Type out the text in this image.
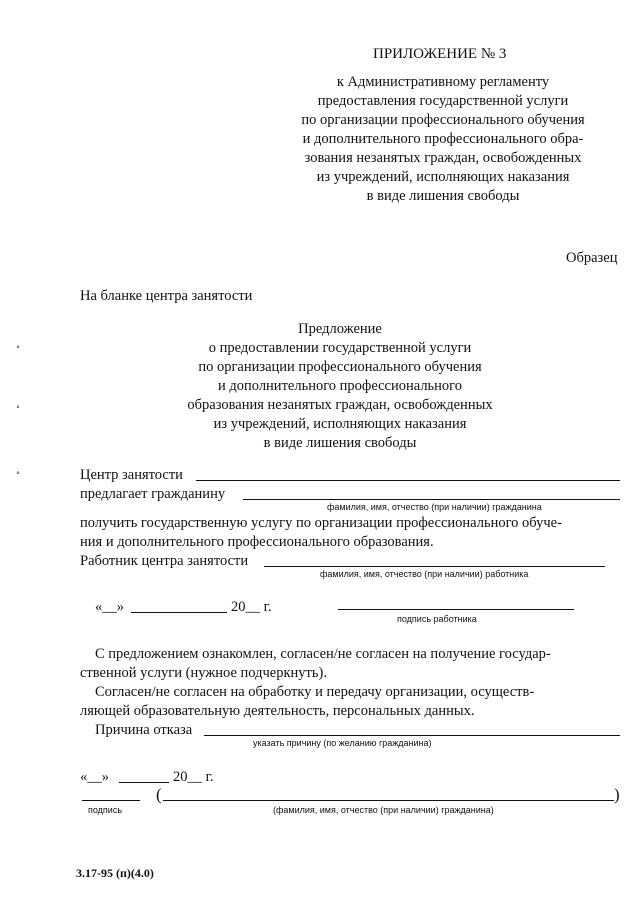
ПРИЛОЖЕНИЕ № 3
к Административному регламенту
предоставления государственной услуги
по организации профессионального обучения
и дополнительного профессионального обра-
зования незанятых граждан, освобожденных
из учреждений, исполняющих наказания
в виде лишения свободы
Образец
На бланке центра занятости
Предложение
о предоставлении государственной услуги
по организации профессионального обучения
и дополнительного профессионального
образования незанятых граждан, освобожденных
из учреждений, исполняющих наказания
в виде лишения свободы
˚
˚
˚	Центр занятости
предлагает гражданину
фамилия, имя, отчество (при наличии) гражданина
получить государственную услугу по организации профессионального обуче-
ния и дополнительного профессионального образования.
Работник центра занятости
фамилия, имя, отчество (при наличии) работника
«__»	20__ г.
подпись работника
С предложением ознакомлен, согласен/не согласен на получение государ-
ственной услуги (нужное подчеркнуть).
Согласен/не согласен на обработку и передачу организации, осуществ-
ляющей образовательную деятельность, персональных данных.
Причина отказа
указать причину (по желанию гражданина)
«__»	20__ г.
(	)
подпись	(фамилия, имя, отчество (при наличии) гражданина)
3.17-95 (п)(4.0)
